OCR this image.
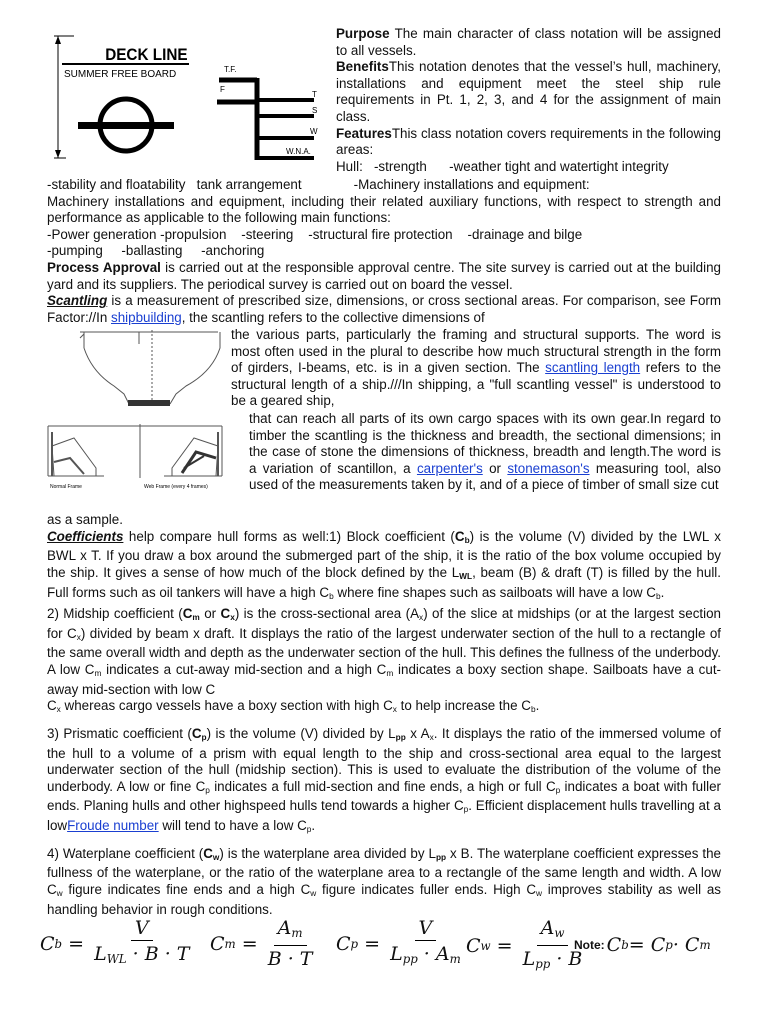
DECK LINE
SUMMER FREE BOARD	T.F.
F
T
S
W
W.N.A.
Normal Frame	Web Frame (every 4 frames)

Purpose The main character of class notation will be assigned to all vessels.

BenefitsThis notation denotes that the vessel’s hull, machinery, installations and equipment meet the steel ship rule requirements in Pt. 1, 2, 3, and 4 for the assignment of main class.

FeaturesThis class notation covers requirements in the following areas:

Hull:   -strength      -weather tight and watertight integrity

-stability and floatability   tank arrangement              -Machinery installations and equipment:

Machinery installations and equipment, including their related auxiliary functions, with respect to strength and performance as applicable to the following main functions:

-Power generation -propulsion    -steering    -structural fire protection    -drainage and bilge

-pumping     -ballasting     -anchoring

Process Approval is carried out at the responsible approval centre. The site survey is carried out at the building yard and its suppliers. The periodical survey is carried out on board the vessel.

Scantling is a measurement of prescribed size, dimensions, or cross sectional areas. For comparison, see Form Factor://In shipbuilding, the scantling refers to the collective dimensions of

the various parts, particularly the framing and structural supports. The word is most often used in the plural to describe how much structural strength in the form of girders, I-beams, etc. is in a given section. The scantling length refers to the structural length of a ship.///In shipping, a "full scantling vessel" is understood to be a geared ship,

that can reach all parts of its own cargo spaces with its own gear.In regard to timber the scantling is the thickness and breadth, the sectional dimensions; in the case of stone the dimensions of thickness, breadth and length.The word is a variation of scantillon, a carpenter's or stonemason's measuring tool, also used of the measurements taken by it, and of a piece of timber of small size cut

as a sample.

Coefficients help compare hull forms as well:1) Block coefficient $(C_b)$ is the volume (V) divided by the LWL x BWL x T. If you draw a box around the submerged part of the ship, it is the ratio of the box volume occupied by the ship. It gives a sense of how much of the block defined by the $L_{WL}$, beam (B) & draft (T) is filled by the hull. Full forms such as oil tankers will have a high $C_b$ where fine shapes such as sailboats will have a low $C_b$.

2) Midship coefficient ($C_m$ or $C_x$) is the cross-sectional area $(A_x)$ of the slice at midships (or at the largest section for $C_x$) divided by beam x draft. It displays the ratio of the largest underwater section of the hull to a rectangle of the same overall width and depth as the underwater section of the hull. This defines the fullness of the underbody. A low $C_m$ indicates a cut-away mid-section and a high $C_m$ indicates a boxy section shape. Sailboats have a cut-away mid-section with low C
$C_x$ whereas cargo vessels have a boxy section with high $C_x$ to help increase the $C_b$.

3) Prismatic coefficient $(C_p)$ is the volume (V) divided by $L_{pp}$ x $A_x$. It displays the ratio of the immersed volume of the hull to a volume of a prism with equal length to the ship and cross-sectional area equal to the largest underwater section of the hull (midship section). This is used to evaluate the distribution of the volume of the underbody. A low or fine $C_p$ indicates a full mid-section and fine ends, a high or full $C_p$ indicates a boat with fuller ends. Planing hulls and other highspeed hulls tend towards a higher $C_p$. Efficient displacement hulls travelling at a lowFroude number will tend to have a low $C_p$.

4) Waterplane coefficient $(C_w)$ is the waterplane area divided by $L_{pp}$ x B. The waterplane coefficient expresses the fullness of the waterplane, or the ratio of the waterplane area to a rectangle of the same length and width. A low $C_w$ figure indicates fine ends and a high $C_w$ figure indicates fuller ends. High $C_w$ improves stability as well as handling behavior in rough conditions.

C $b = \frac{V}{L_{WL} \cdot B \cdot T}$ C $m = \frac{A_m}{B \cdot T}$ C $p = \frac{V}{L_{pp} \cdot A_m}$ C $w = \frac{A_w}{L_{pp} \cdot B}$
Note: C b = C p · C m
